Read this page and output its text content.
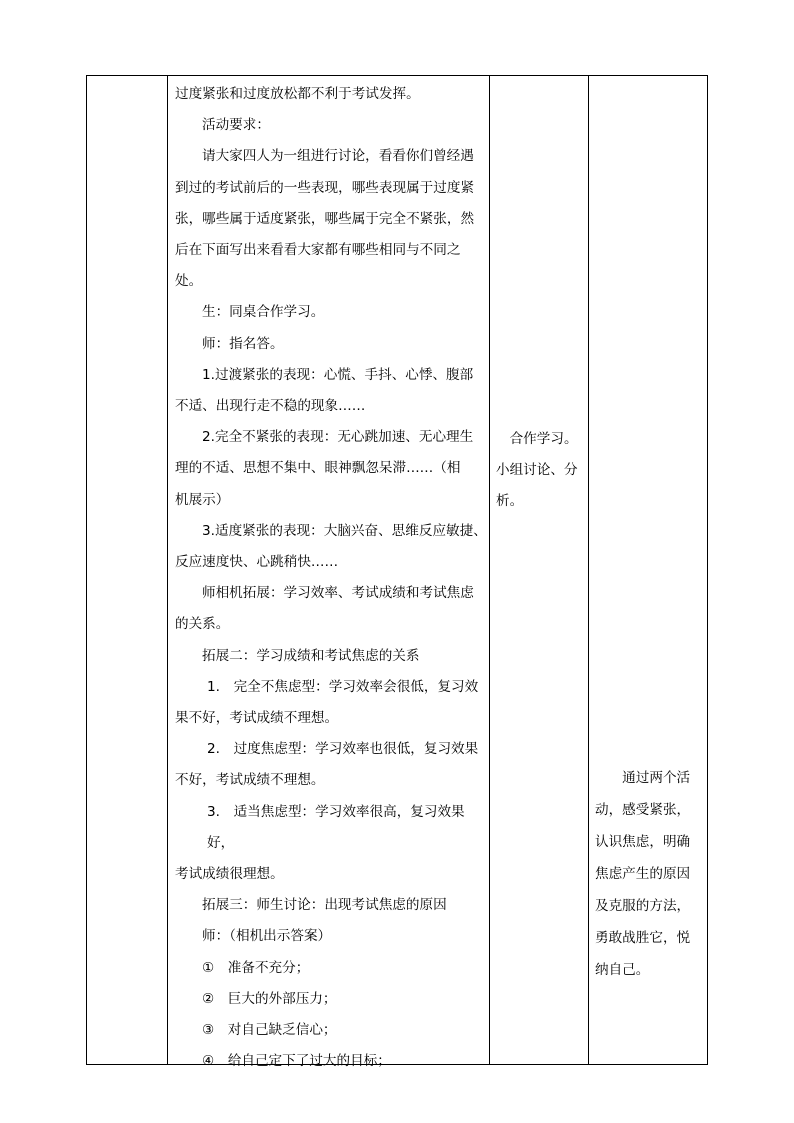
过度紧张和过度放松都不利于考试发挥。

活动要求：

请大家四人为一组进行讨论，看看你们曾经遇

到过的考试前后的一些表现，哪些表现属于过度紧

张，哪些属于适度紧张，哪些属于完全不紧张，然

后在下面写出来看看大家都有哪些相同与不同之

处。

生：同桌合作学习。

师：指名答。

1.过渡紧张的表现：心慌、手抖、心悸、腹部

不适、出现行走不稳的现象……

2.完全不紧张的表现：无心跳加速、无心理生

理的不适、思想不集中、眼神飘忽呆滞……（相

机展示）

3.适度紧张的表现：大脑兴奋、思维反应敏捷、

反应速度快、心跳稍快……

师相机拓展：学习效率、考试成绩和考试焦虑

的关系。

拓展二：学习成绩和考试焦虑的关系

1.　完全不焦虑型：学习效率会很低，复习效

果不好，考试成绩不理想。

2.　过度焦虑型：学习效率也很低，复习效果

不好，考试成绩不理想。

3.　适当焦虑型：学习效率很高，复习效果好，

考试成绩很理想。

拓展三：师生讨论：出现考试焦虑的原因

师：（相机出示答案）

①　准备不充分；

②　巨大的外部压力；

③　对自己缺乏信心；

④　给自己定下了过大的目标；

　合作学习。

小组讨论、分

析。

　　通过两个活

动，感受紧张，

认识焦虑，明确

焦虑产生的原因

及克服的方法，

勇敢战胜它，悦

纳自己。
